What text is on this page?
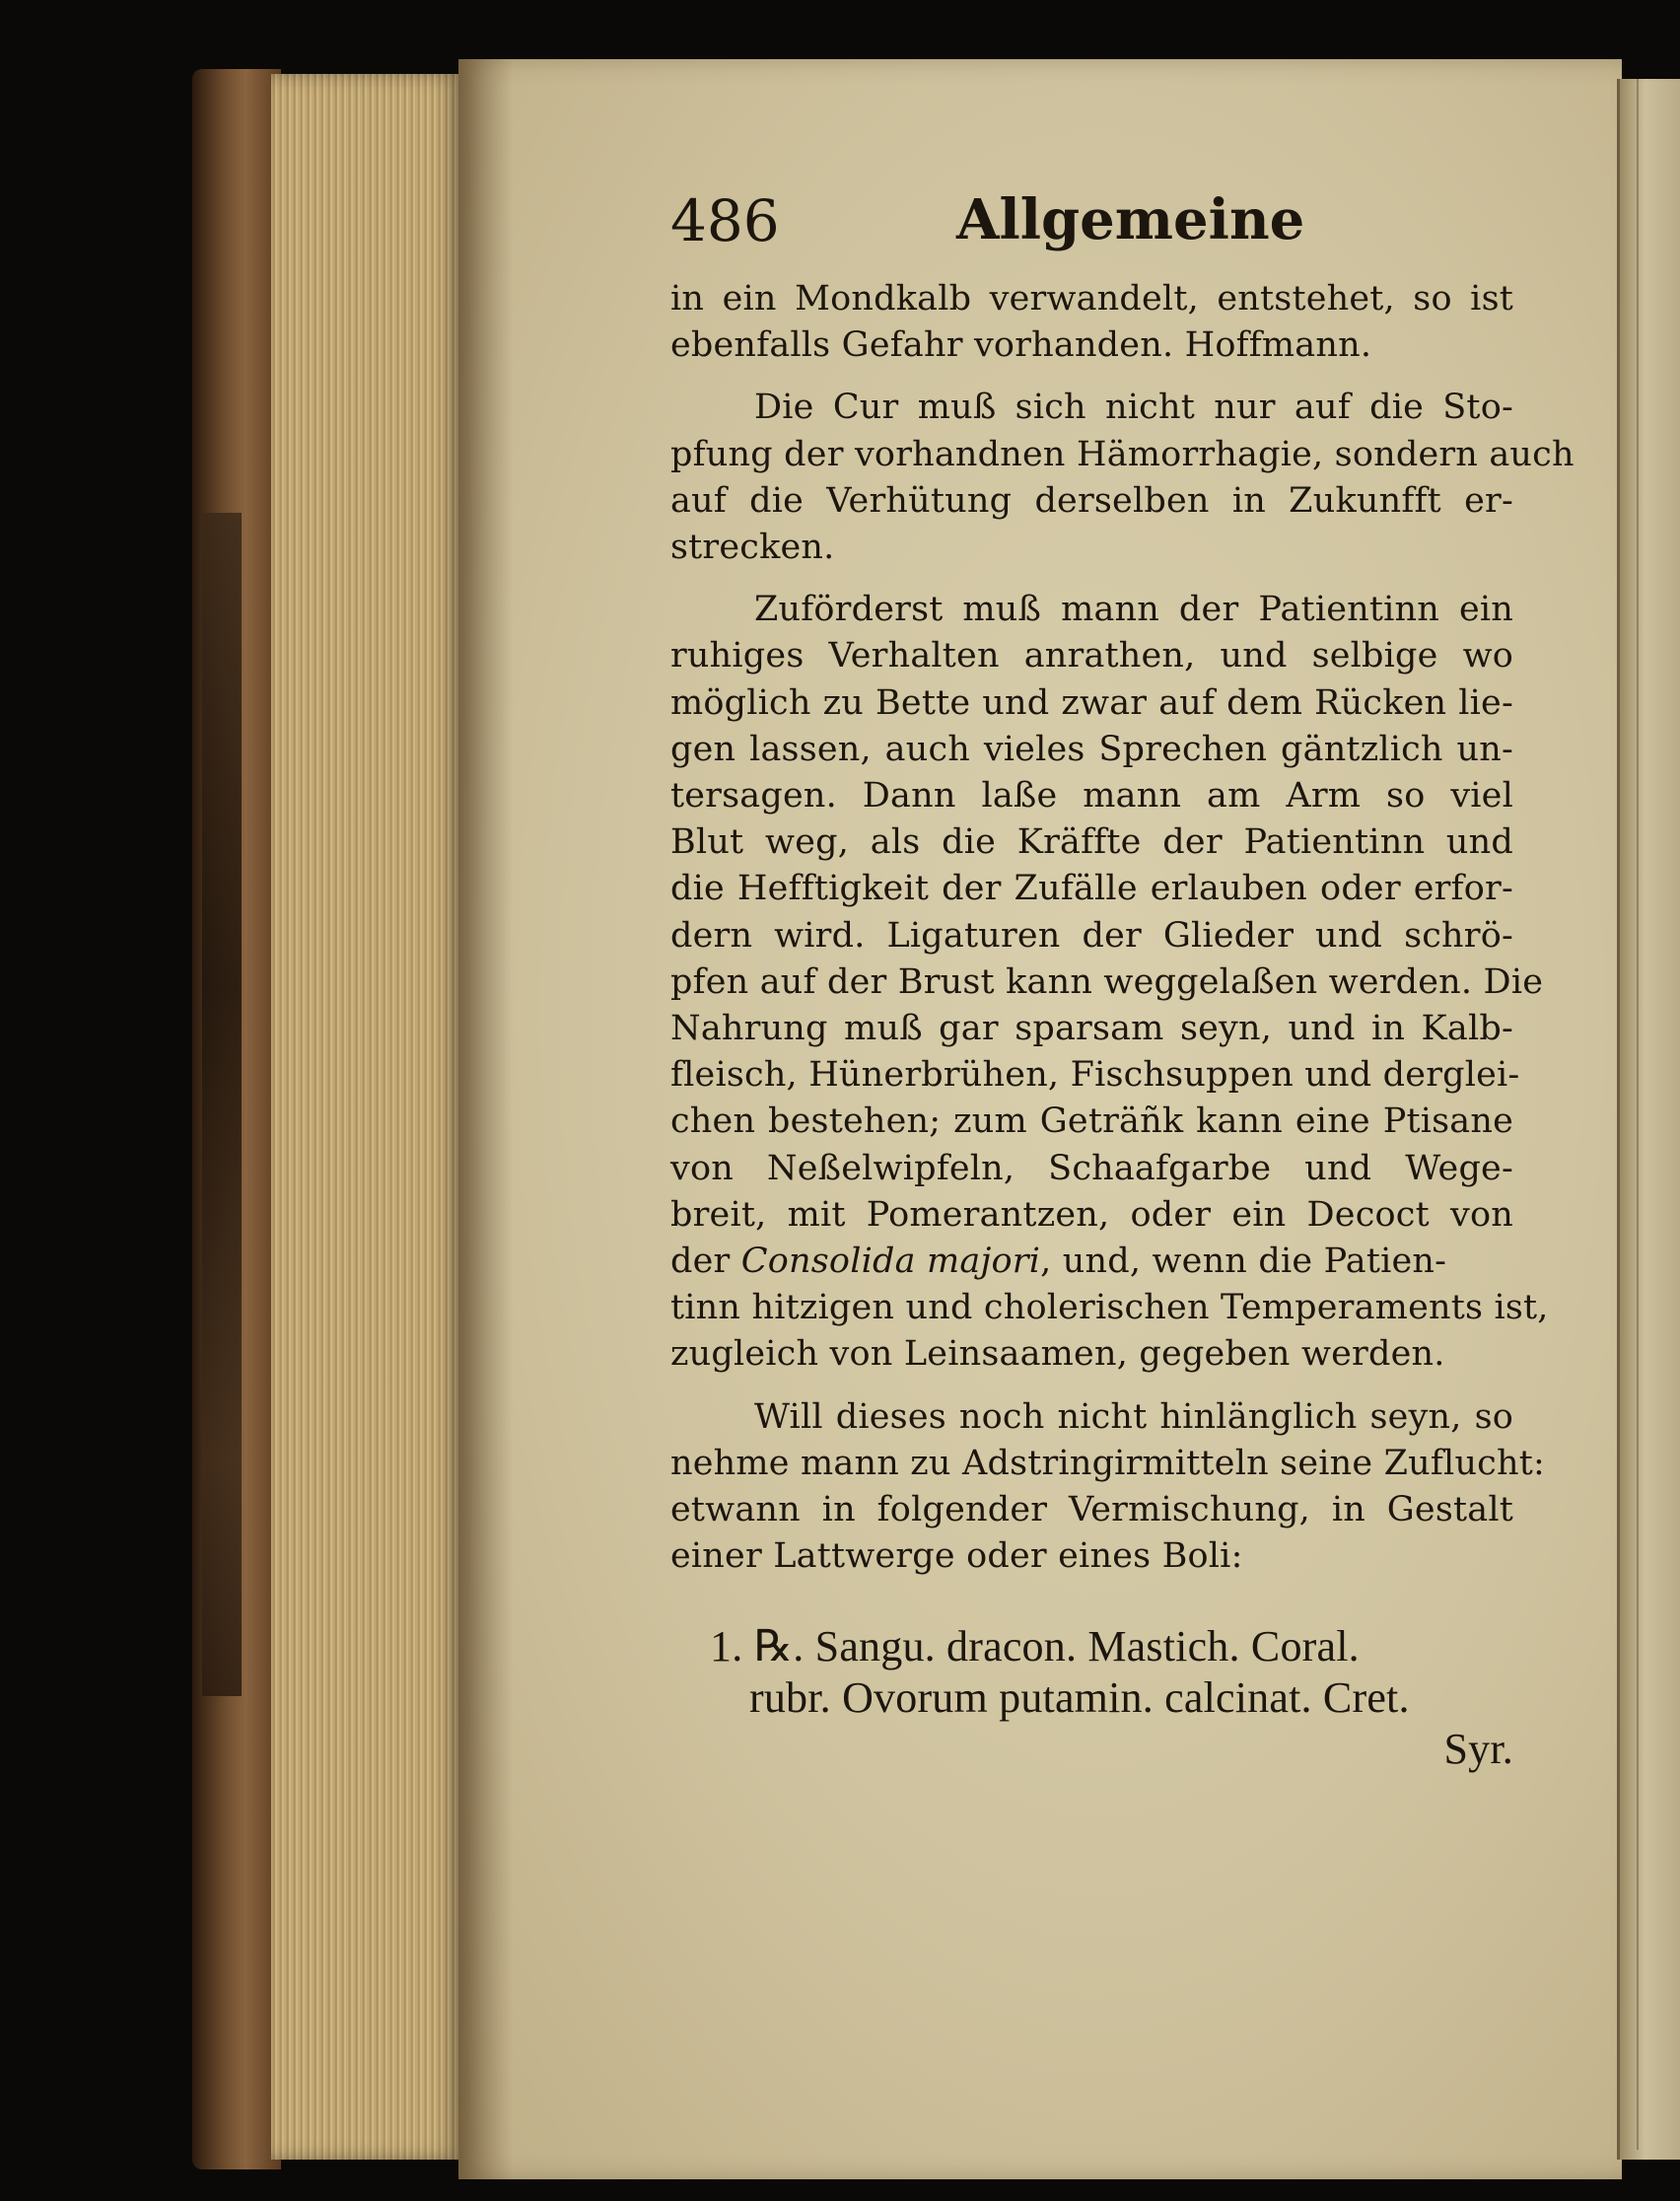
486	Allgemeine
in ein Mondkalb verwandelt, entstehet, so ist
ebenfalls Gefahr vorhanden. Hoffmann.
Die Cur muß sich nicht nur auf die Sto-
pfung der vorhandnen Hämorrhagie, sondern auch
auf die Verhütung derselben in Zukunfft er-
strecken.
Zuförderst muß mann der Patientinn ein
ruhiges Verhalten anrathen, und selbige wo
möglich zu Bette und zwar auf dem Rücken lie-
gen lassen, auch vieles Sprechen gäntzlich un-
tersagen. Dann laße mann am Arm so viel
Blut weg, als die Kräffte der Patientinn und
die Hefftigkeit der Zufälle erlauben oder erfor-
dern wird. Ligaturen der Glieder und schrö-
pfen auf der Brust kann weggelaßen werden. Die
Nahrung muß gar sparsam seyn, und in Kalb-
fleisch, Hünerbrühen, Fischsuppen und derglei-
chen bestehen; zum Geträñk kann eine Ptisane
von Neßelwipfeln, Schaafgarbe und Wege-
breit, mit Pomerantzen, oder ein Decoct von
der Consolida majori, und, wenn die Patien-
tinn hitzigen und cholerischen Temperaments ist,
zugleich von Leinsaamen, gegeben werden.
Will dieses noch nicht hinlänglich seyn, so
nehme mann zu Adstringirmitteln seine Zuflucht:
etwann in folgender Vermischung, in Gestalt
einer Lattwerge oder eines Boli:
1. ℞. Sangu. dracon. Mastich. Coral.
rubr. Ovorum putamin. calcinat. Cret.
Syr.
